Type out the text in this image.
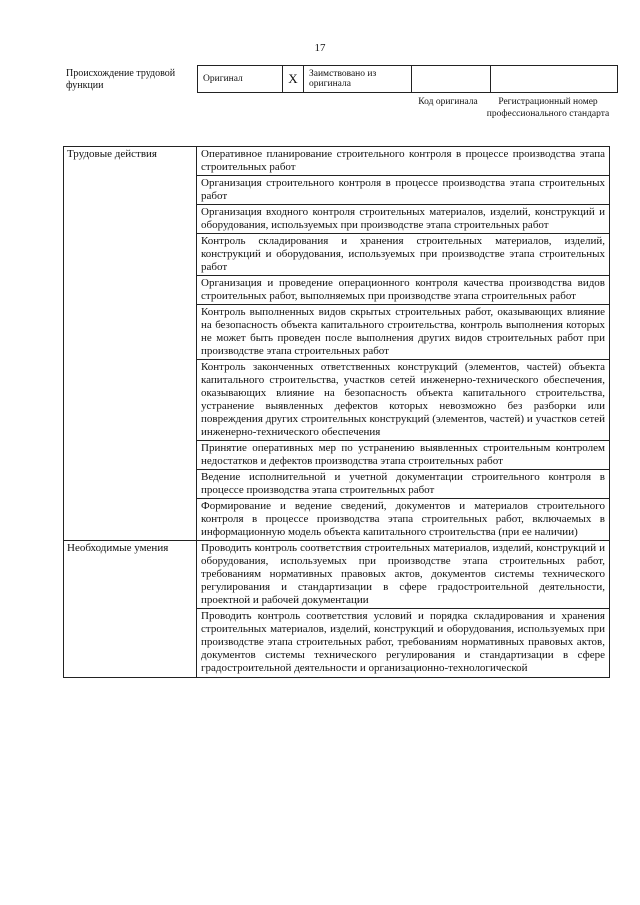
17
Происхождение трудовой функции
Оригинал	X	Заимствовано из оригинала		
Код оригинала	Регистрационный номер профессионального стандарта
Трудовые действия	Оперативное планирование строительного контроля в процессе производства этапа строительных работ
	Организация строительного контроля в процессе производства этапа строительных работ
	Организация входного контроля строительных материалов, изделий, конструкций и оборудования, используемых при производстве этапа строительных работ
	Контроль складирования и хранения строительных материалов, изделий, конструкций и оборудования, используемых при производстве этапа строительных работ
	Организация и проведение операционного контроля качества производства видов строительных работ, выполняемых при производстве этапа строительных работ
	Контроль выполненных видов скрытых строительных работ, оказывающих влияние на безопасность объекта капитального строительства, контроль выполнения которых не может быть проведен после выполнения других видов строительных работ при производстве этапа строительных работ
	Контроль законченных ответственных конструкций (элементов, частей) объекта капитального строительства, участков сетей инженерно-технического обеспечения, оказывающих влияние на безопасность объекта капитального строительства, устранение выявленных дефектов которых невозможно без разборки или повреждения других строительных конструкций (элементов, частей) и участков сетей инженерно-технического обеспечения
	Принятие оперативных мер по устранению выявленных строительным контролем недостатков и дефектов производства этапа строительных работ
	Ведение исполнительной и учетной документации строительного контроля в процессе производства этапа строительных работ
	Формирование и ведение сведений, документов и материалов строительного контроля в процессе производства этапа строительных работ, включаемых в информационную модель объекта капитального строительства (при ее наличии)
Необходимые умения	Проводить контроль соответствия строительных материалов, изделий, конструкций и оборудования, используемых при производстве этапа строительных работ, требованиям нормативных правовых актов, документов системы технического регулирования и стандартизации в сфере градостроительной деятельности, проектной и рабочей документации
	Проводить контроль соответствия условий и порядка складирования и хранения строительных материалов, изделий, конструкций и оборудования, используемых при производстве этапа строительных работ, требованиям нормативных правовых актов, документов системы технического регулирования и стандартизации в сфере градостроительной деятельности и организационно-технологической
